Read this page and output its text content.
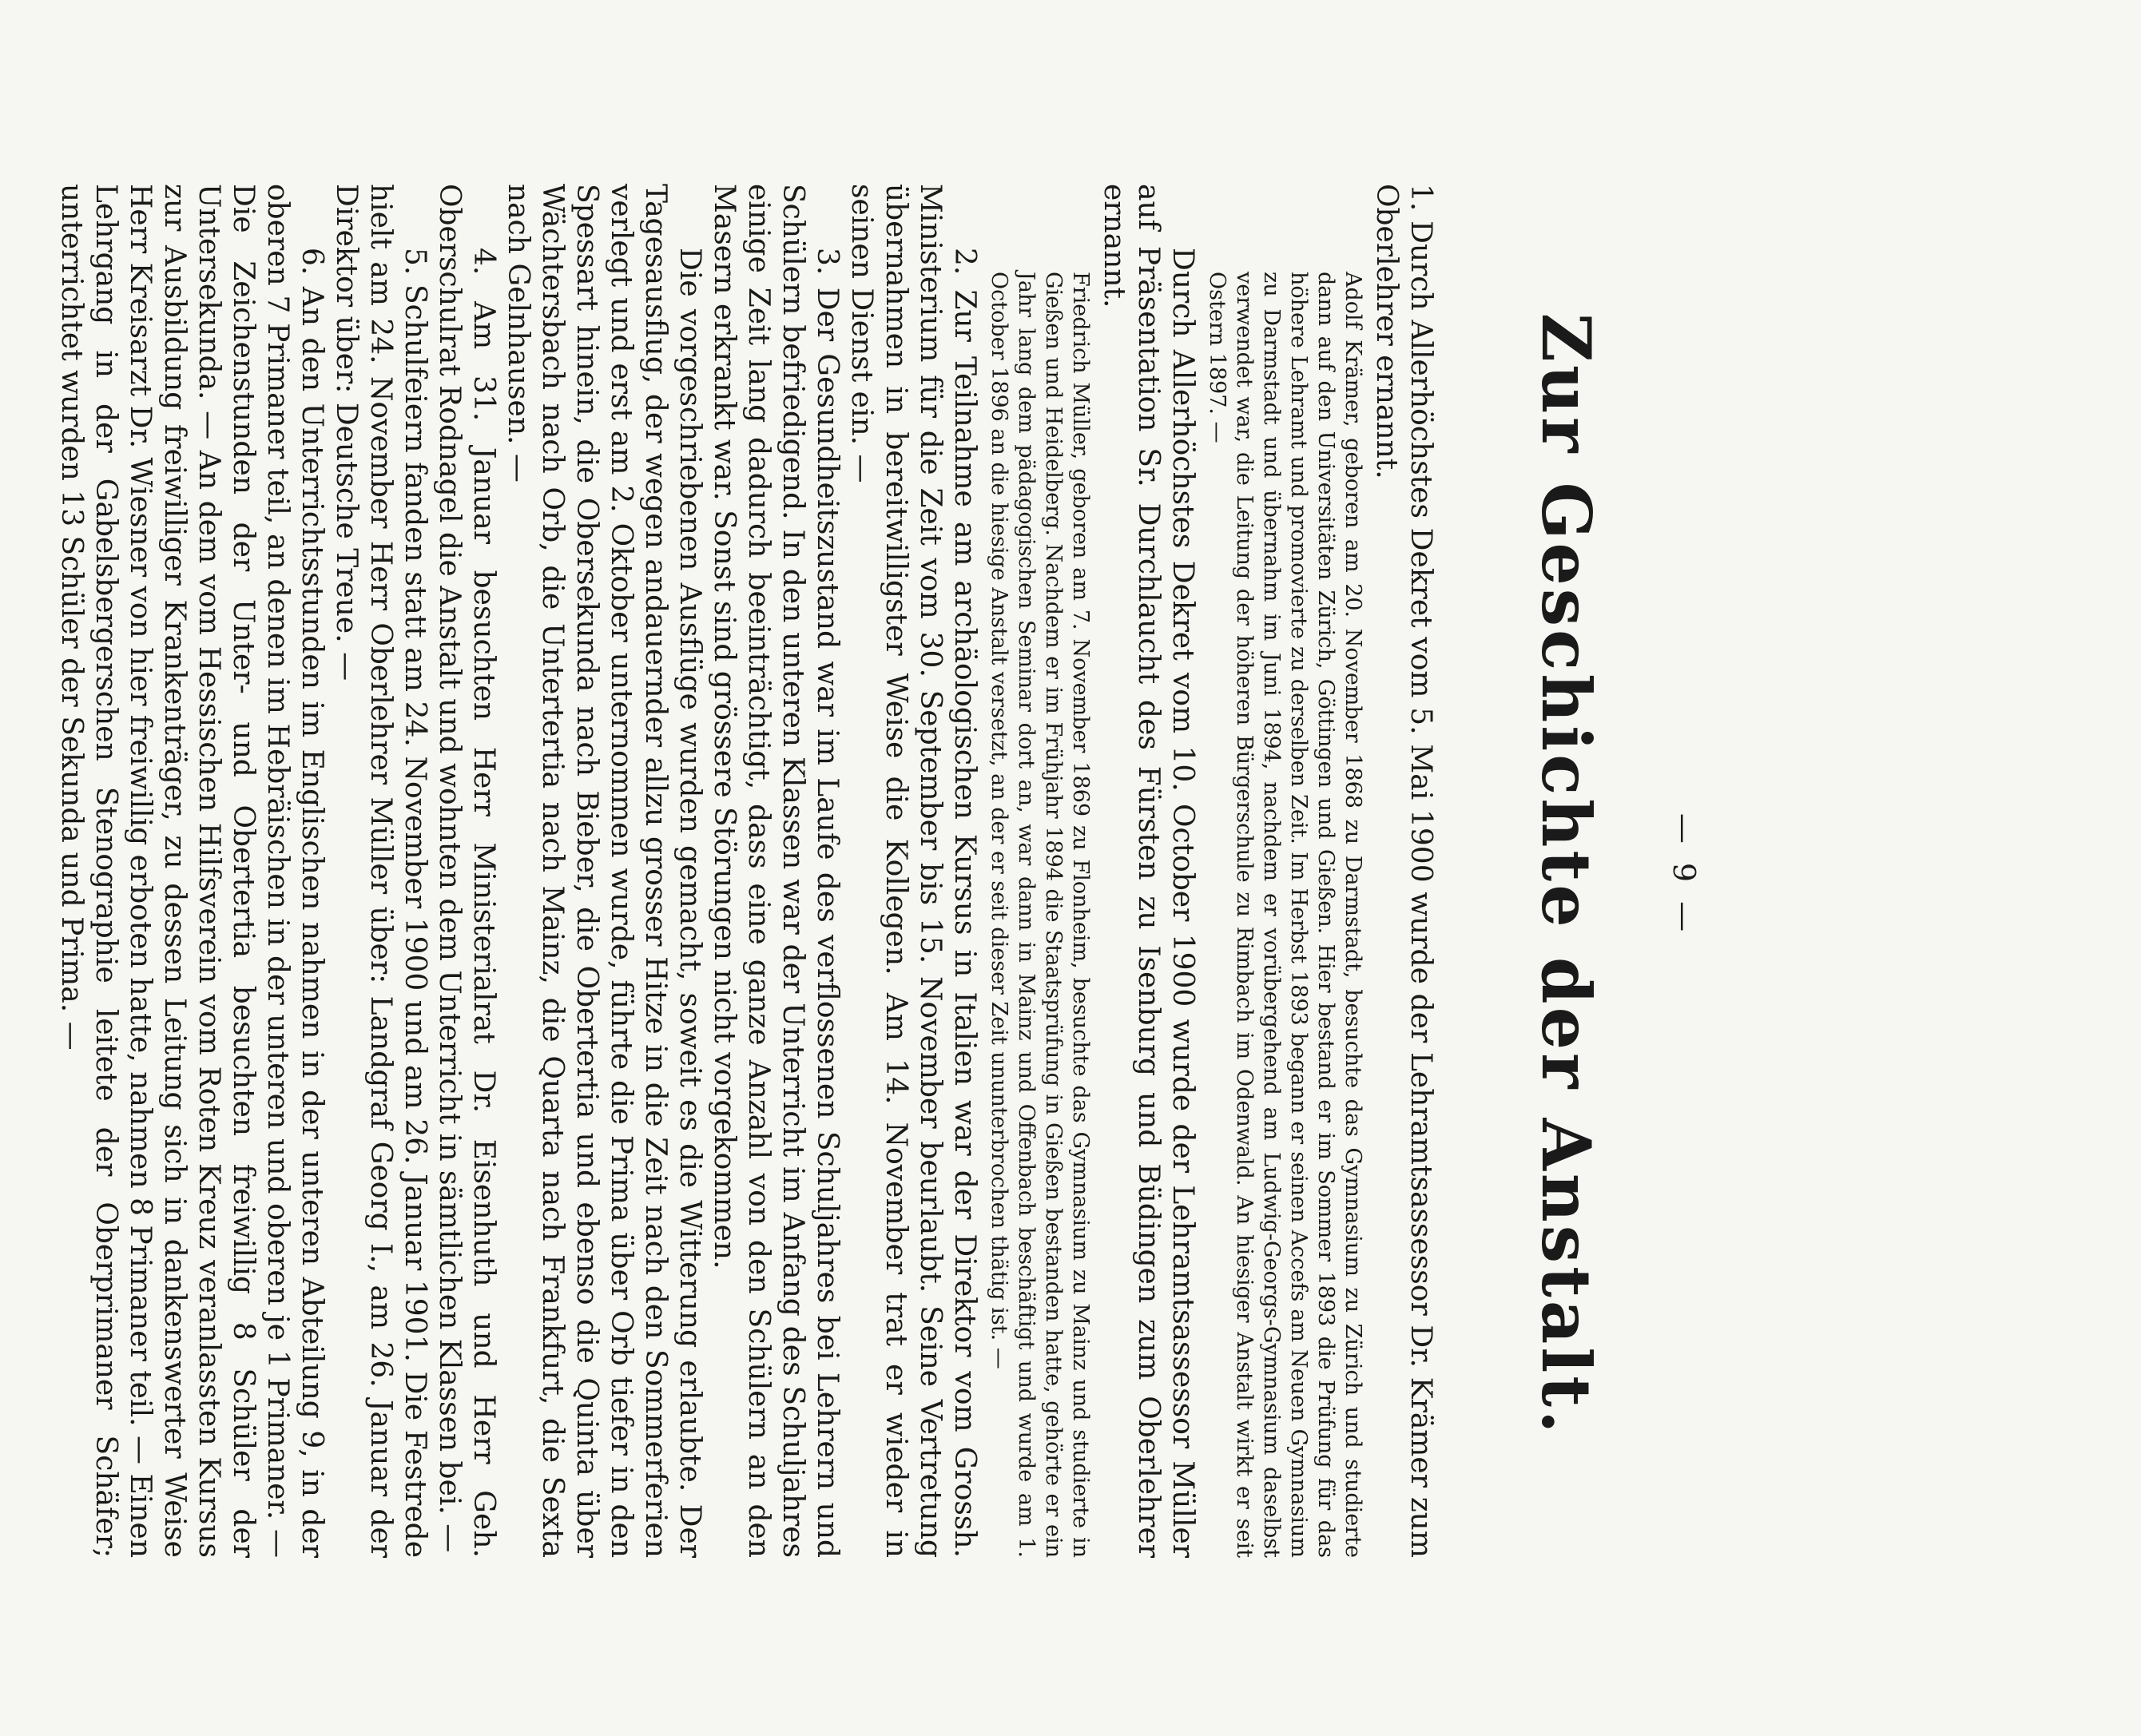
— 9 —
Zur Geschichte der Anstalt.

1. Durch Allerhöchstes Dekret vom 5. Mai 1900 wurde der Lehramtsassessor Dr. Krämer zum Oberlehrer ernannt.

Adolf Krämer, geboren am 20. November 1868 zu Darmstadt, besuchte das Gymnasium zu Zürich und studierte dann auf den Universitäten Zürich, Göttingen und Gießen. Hier bestand er im Sommer 1893 die Prüfung für das höhere Lehramt und promovierte zu derselben Zeit. Im Herbst 1893 begann er seinen Accefs am Neuen Gymnasium zu Darmstadt und übernahm im Juni 1894, nachdem er vorübergehend am Ludwig-Georgs-Gymnasium daselbst verwendet war, die Leitung der höheren Bürgerschule zu Rimbach im Odenwald. An hiesiger Anstalt wirkt er seit Ostern 1897. —

Durch Allerhöchstes Dekret vom 10. October 1900 wurde der Lehramtsassessor Müller auf Präsentation Sr. Durchlaucht des Fürsten zu Isenburg und Büdingen zum Oberlehrer ernannt.

Friedrich Müller, geboren am 7. November 1869 zu Flonheim, besuchte das Gymnasium zu Mainz und studierte in Gießen und Heidelberg. Nachdem er im Frühjahr 1894 die Staatsprüfung in Gießen bestanden hatte, gehörte er ein Jahr lang dem pädagogischen Seminar dort an, war dann in Mainz und Offenbach beschäftigt und wurde am 1. October 1896 an die hiesige Anstalt versetzt, an der er seit dieser Zeit ununterbrochen thätig ist. —

2. Zur Teilnahme am archäologischen Kursus in Italien war der Direktor vom Grossh. Ministerium für die Zeit vom 30. September bis 15. November beurlaubt. Seine Vertretung übernahmen in bereitwilligster Weise die Kollegen. Am 14. November trat er wieder in seinen Dienst ein. —

3. Der Gesundheitszustand war im Laufe des verflossenen Schuljahres bei Lehrern und Schülern befriedigend. In den unteren Klassen war der Unterricht im Anfang des Schuljahres einige Zeit lang dadurch beeinträchtigt, dass eine ganze Anzahl von den Schülern an den Masern erkrankt war. Sonst sind grössere Störungen nicht vorgekommen.

Die vorgeschriebenen Ausflüge wurden gemacht, soweit es die Witterung erlaubte. Der Tagesausflug, der wegen andauernder allzu grosser Hitze in die Zeit nach den Sommerferien verlegt und erst am 2. Oktober unternommen wurde, führte die Prima über Orb tiefer in den Spessart hinein, die Obersekunda nach Bieber, die Obertertia und ebenso die Quinta über Wächtersbach nach Orb, die Untertertia nach Mainz, die Quarta nach Frankfurt, die Sexta nach Gelnhausen. —

4. Am 31. Januar besuchten Herr Ministerialrat Dr. Eisenhuth und Herr Geh. Oberschulrat Rodnagel die Anstalt und wohnten dem Unterricht in sämtlichen Klassen bei. —

5. Schulfeiern fanden statt am 24. November 1900 und am 26. Januar 1901. Die Festrede hielt am 24. November Herr Oberlehrer Müller über: Landgraf Georg I., am 26. Januar der Direktor über: Deutsche Treue. —

6. An den Unterrichtsstunden im Englischen nahmen in der unteren Abteilung 9, in der oberen 7 Primaner teil, an denen im Hebräischen in der unteren und oberen je 1 Primaner. — Die Zeichenstunden der Unter- und Obertertia besuchten freiwillig 8 Schüler der Untersekunda. — An dem vom Hessischen Hilfsverein vom Roten Kreuz veranlassten Kursus zur Ausbildung freiwilliger Krankenträger, zu dessen Leitung sich in dankenswerter Weise Herr Kreisarzt Dr. Wiesner von hier freiwillig erboten hatte, nahmen 8 Primaner teil. — Einen Lehrgang in der Gabelsbergerschen Stenographie leitete der Oberprimaner Schäfer; unterrichtet wurden 13 Schüler der Sekunda und Prima. —
